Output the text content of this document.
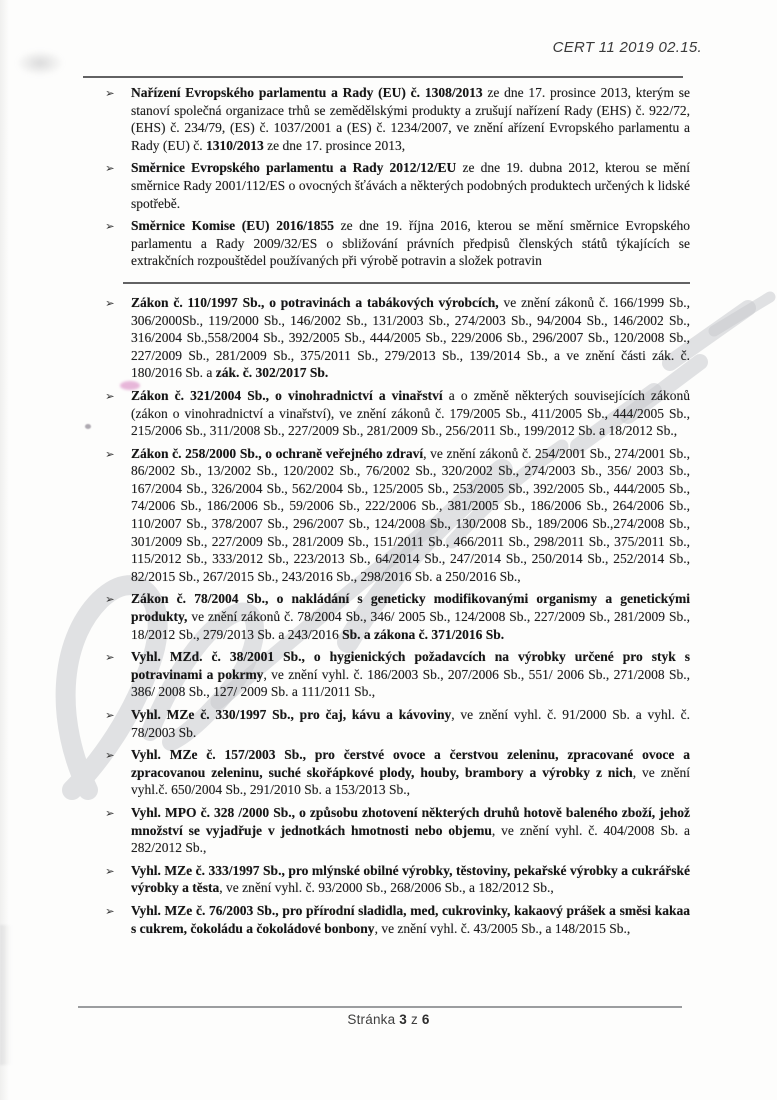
CERT 11 2019 02.15.
➢	Nařízení Evropského parlamentu a Rady (EU) č. 1308/2013 ze dne 17. prosince 2013, kterým se stanoví společná organizace trhů se zemědělskými produkty a zrušují nařízení Rady (EHS) č. 922/72, (EHS) č. 234/79, (ES) č. 1037/2001 a (ES) č. 1234/2007, ve znění ařízení Evropského parlamentu a Rady (EU) č. 1310/2013 ze dne 17. prosince 2013,
➢	Směrnice Evropského parlamentu a Rady 2012/12/EU ze dne 19. dubna 2012, kterou se mění směrnice Rady 2001/112/ES o ovocných šťávách a některých podobných produktech určených k lidské spotřebě.
➢	Směrnice Komise (EU) 2016/1855 ze dne 19. října 2016, kterou se mění směrnice Evropského parlamentu a Rady 2009/32/ES o sbližování právních předpisů členských států týkajících se extrakčních rozpouštědel používaných při výrobě potravin a složek potravin
➢	Zákon č. 110/1997 Sb., o potravinách a tabákových výrobcích, ve znění zákonů č. 166/1999 Sb., 306/2000Sb., 119/2000 Sb., 146/2002 Sb., 131/2003 Sb., 274/2003 Sb., 94/2004 Sb., 146/2002 Sb., 316/2004 Sb.,558/2004 Sb., 392/2005 Sb., 444/2005 Sb., 229/2006 Sb., 296/2007 Sb., 120/2008 Sb., 227/2009 Sb., 281/2009 Sb., 375/2011 Sb., 279/2013 Sb., 139/2014 Sb., a ve znění části zák. č. 180/2016 Sb. a zák. č. 302/2017 Sb.
➢	Zákon č. 321/2004 Sb., o vinohradnictví a vinařství a o změně některých souvisejících zákonů (zákon o vinohradnictví a vinařství), ve znění zákonů č. 179/2005 Sb., 411/2005 Sb., 444/2005 Sb., 215/2006 Sb., 311/2008 Sb., 227/2009 Sb., 281/2009 Sb., 256/2011 Sb., 199/2012 Sb. a 18/2012 Sb.,
➢	Zákon č. 258/2000 Sb., o ochraně veřejného zdraví, ve znění zákonů č. 254/2001 Sb., 274/2001 Sb., 86/2002 Sb., 13/2002 Sb., 120/2002 Sb., 76/2002 Sb., 320/2002 Sb., 274/2003 Sb., 356/ 2003 Sb., 167/2004 Sb., 326/2004 Sb., 562/2004 Sb., 125/2005 Sb., 253/2005 Sb., 392/2005 Sb., 444/2005 Sb., 74/2006 Sb., 186/2006 Sb., 59/2006 Sb., 222/2006 Sb., 381/2005 Sb., 186/2006 Sb., 264/2006 Sb., 110/2007 Sb., 378/2007 Sb., 296/2007 Sb., 124/2008 Sb., 130/2008 Sb., 189/2006 Sb.,274/2008 Sb., 301/2009 Sb., 227/2009 Sb., 281/2009 Sb., 151/2011 Sb., 466/2011 Sb., 298/2011 Sb., 375/2011 Sb., 115/2012 Sb., 333/2012 Sb., 223/2013 Sb., 64/2014 Sb., 247/2014 Sb., 250/2014 Sb., 252/2014 Sb., 82/2015 Sb., 267/2015 Sb., 243/2016 Sb., 298/2016 Sb. a 250/2016 Sb.,
➢	Zákon č. 78/2004 Sb., o nakládání s geneticky modifikovanými organismy a genetickými produkty, ve znění zákonů č. 78/2004 Sb., 346/ 2005 Sb., 124/2008 Sb., 227/2009 Sb., 281/2009 Sb., 18/2012 Sb., 279/2013 Sb. a 243/2016 Sb. a zákona č. 371/2016 Sb.
➢	Vyhl. MZd. č. 38/2001 Sb., o hygienických požadavcích na výrobky určené pro styk s potravinami a pokrmy, ve znění vyhl. č. 186/2003 Sb., 207/2006 Sb., 551/ 2006 Sb., 271/2008 Sb., 386/ 2008 Sb., 127/ 2009 Sb. a 111/2011 Sb.,
➢	Vyhl. MZe č. 330/1997 Sb., pro čaj, kávu a kávoviny, ve znění vyhl. č. 91/2000 Sb. a vyhl. č. 78/2003 Sb.
➢	Vyhl. MZe č. 157/2003 Sb., pro čerstvé ovoce a čerstvou zeleninu, zpracované ovoce a zpracovanou zeleninu, suché skořápkové plody, houby, brambory a výrobky z nich, ve znění vyhl.č. 650/2004 Sb., 291/2010 Sb. a 153/2013 Sb.,
➢	Vyhl. MPO č. 328 /2000 Sb., o způsobu zhotovení některých druhů hotově baleného zboží, jehož množství se vyjadřuje v jednotkách hmotnosti nebo objemu, ve znění vyhl. č. 404/2008 Sb. a 282/2012 Sb.,
➢	Vyhl. MZe č. 333/1997 Sb., pro mlýnské obilné výrobky, těstoviny, pekařské výrobky a cukrářské výrobky a těsta, ve znění vyhl. č. 93/2000 Sb., 268/2006 Sb., a 182/2012 Sb.,
➢	Vyhl. MZe č. 76/2003 Sb., pro přírodní sladidla, med, cukrovinky, kakaový prášek a směsi kakaa s cukrem, čokoládu a čokoládové bonbony, ve znění vyhl. č. 43/2005 Sb., a 148/2015 Sb.,
Stránka 3 z 6
